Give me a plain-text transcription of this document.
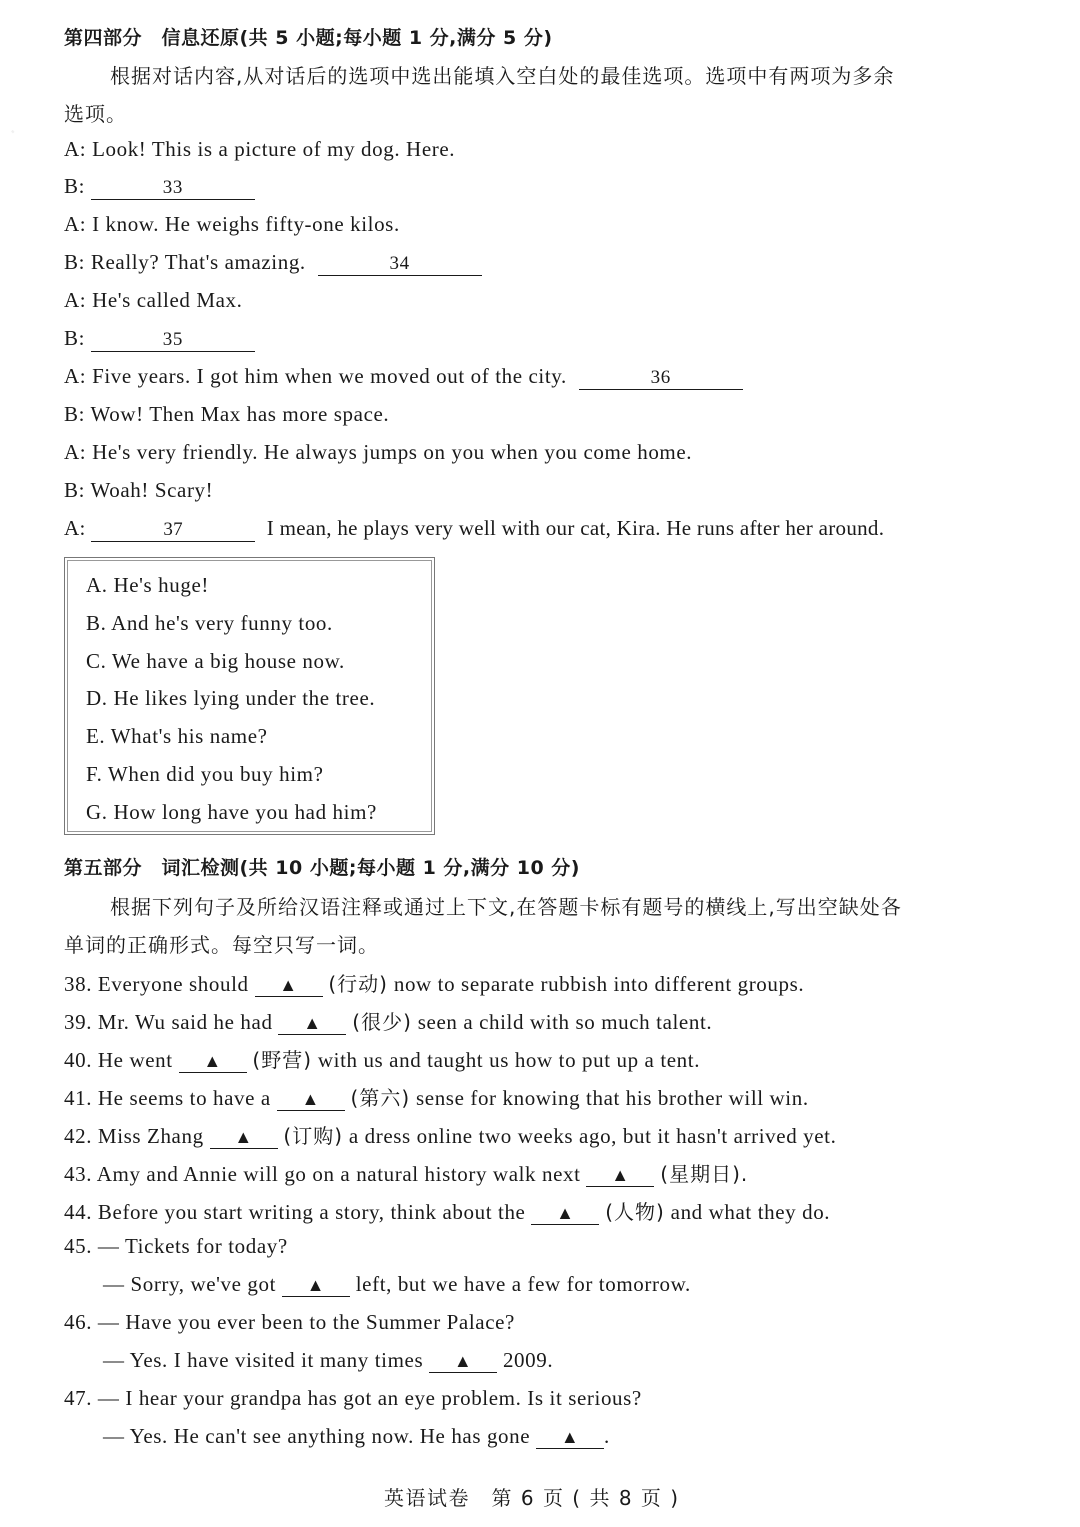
·
第四部分　信息还原(共 5 小题;每小题 1 分,满分 5 分)
根据对话内容,从对话后的选项中选出能填入空白处的最佳选项。选项中有两项为多余
选项。
A: Look! This is a picture of my dog. Here.
B:	33
A: I know. He weighs fifty-one kilos.
B: Really? That's amazing.	34
A: He's called Max.
B:	35
A: Five years. I got him when we moved out of the city.	36
B: Wow! Then Max has more space.
A: He's very friendly. He always jumps on you when you come home.
B: Woah! Scary!
A:	37	I mean, he plays very well with our cat, Kira. He runs after her around.
A. He's huge!
B. And he's very funny too.
C. We have a big house now.
D. He likes lying under the tree.
E. What's his name?
F. When did you buy him?
G. How long have you had him?
第五部分　词汇检测(共 10 小题;每小题 1 分,满分 10 分)
根据下列句子及所给汉语注释或通过上下文,在答题卡标有题号的横线上,写出空缺处各
单词的正确形式。每空只写一词。
38. Everyone should ▲ (行动) now to separate rubbish into different groups.
39. Mr. Wu said he had ▲ (很少) seen a child with so much talent.
40. He went ▲ (野营) with us and taught us how to put up a tent.
41. He seems to have a ▲ (第六) sense for knowing that his brother will win.
42. Miss Zhang ▲ (订购) a dress online two weeks ago, but it hasn't arrived yet.
43. Amy and Annie will go on a natural history walk next ▲ (星期日).
44. Before you start writing a story, think about the ▲ (人物) and what they do.
45. — Tickets for today?
— Sorry, we've got ▲ left, but we have a few for tomorrow.
46. — Have you ever been to the Summer Palace?
— Yes. I have visited it many times ▲ 2009.
47. — I hear your grandpa has got an eye problem. Is it serious?
— Yes. He can't see anything now. He has gone ▲ .
英语试卷　第 6 页 ( 共 8 页 )
